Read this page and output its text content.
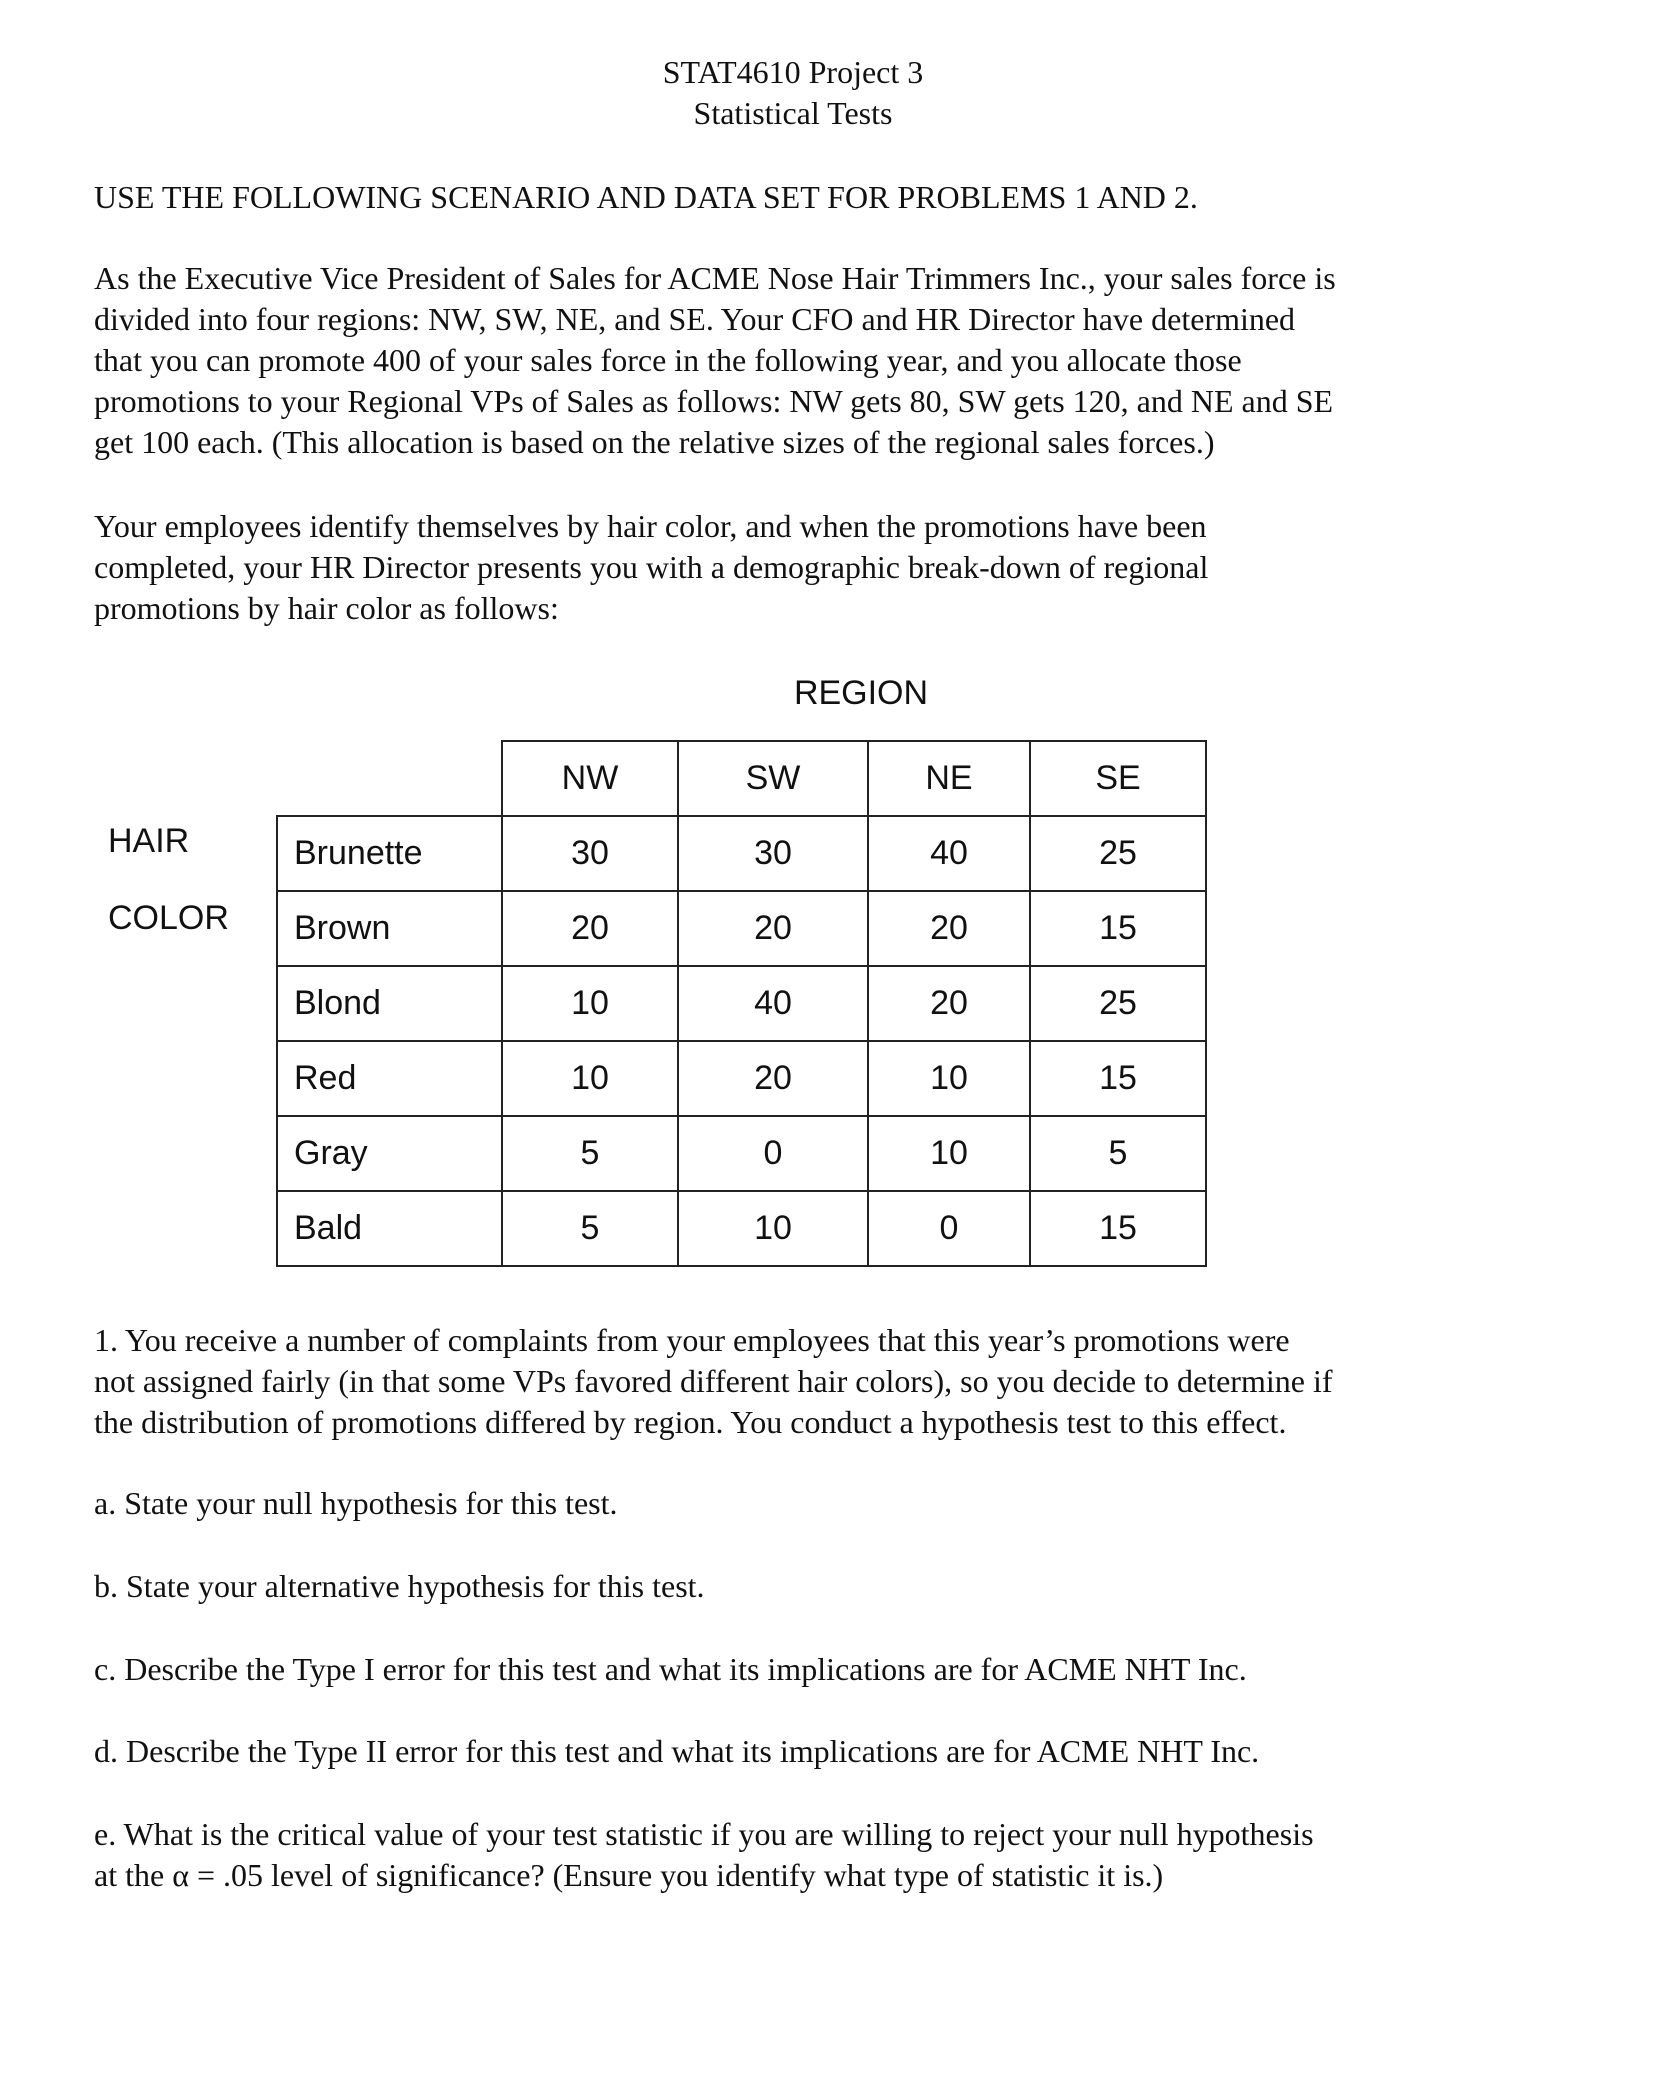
STAT4610 Project 3
Statistical Tests
USE THE FOLLOWING SCENARIO AND DATA SET FOR PROBLEMS 1 AND 2.
As the Executive Vice President of Sales for ACME Nose Hair Trimmers Inc., your sales force is
divided into four regions: NW, SW, NE, and SE. Your CFO and HR Director have determined
that you can promote 400 of your sales force in the following year, and you allocate those
promotions to your Regional VPs of Sales as follows: NW gets 80, SW gets 120, and NE and SE
get 100 each. (This allocation is based on the relative sizes of the regional sales forces.)
Your employees identify themselves by hair color, and when the promotions have been
completed, your HR Director presents you with a demographic break-down of regional
promotions by hair color as follows:
REGION
HAIR
COLOR
	NW	SW	NE	SE
Brunette	30	30	40	25
Brown	20	20	20	15
Blond	10	40	20	25
Red	10	20	10	15
Gray	5	0	10	5
Bald	5	10	0	15
1. You receive a number of complaints from your employees that this year’s promotions were
not assigned fairly (in that some VPs favored different hair colors), so you decide to determine if
the distribution of promotions differed by region. You conduct a hypothesis test to this effect.
a. State your null hypothesis for this test.
b. State your alternative hypothesis for this test.
c. Describe the Type I error for this test and what its implications are for ACME NHT Inc.
d. Describe the Type II error for this test and what its implications are for ACME NHT Inc.
e. What is the critical value of your test statistic if you are willing to reject your null hypothesis
at the α = .05 level of significance? (Ensure you identify what type of statistic it is.)
